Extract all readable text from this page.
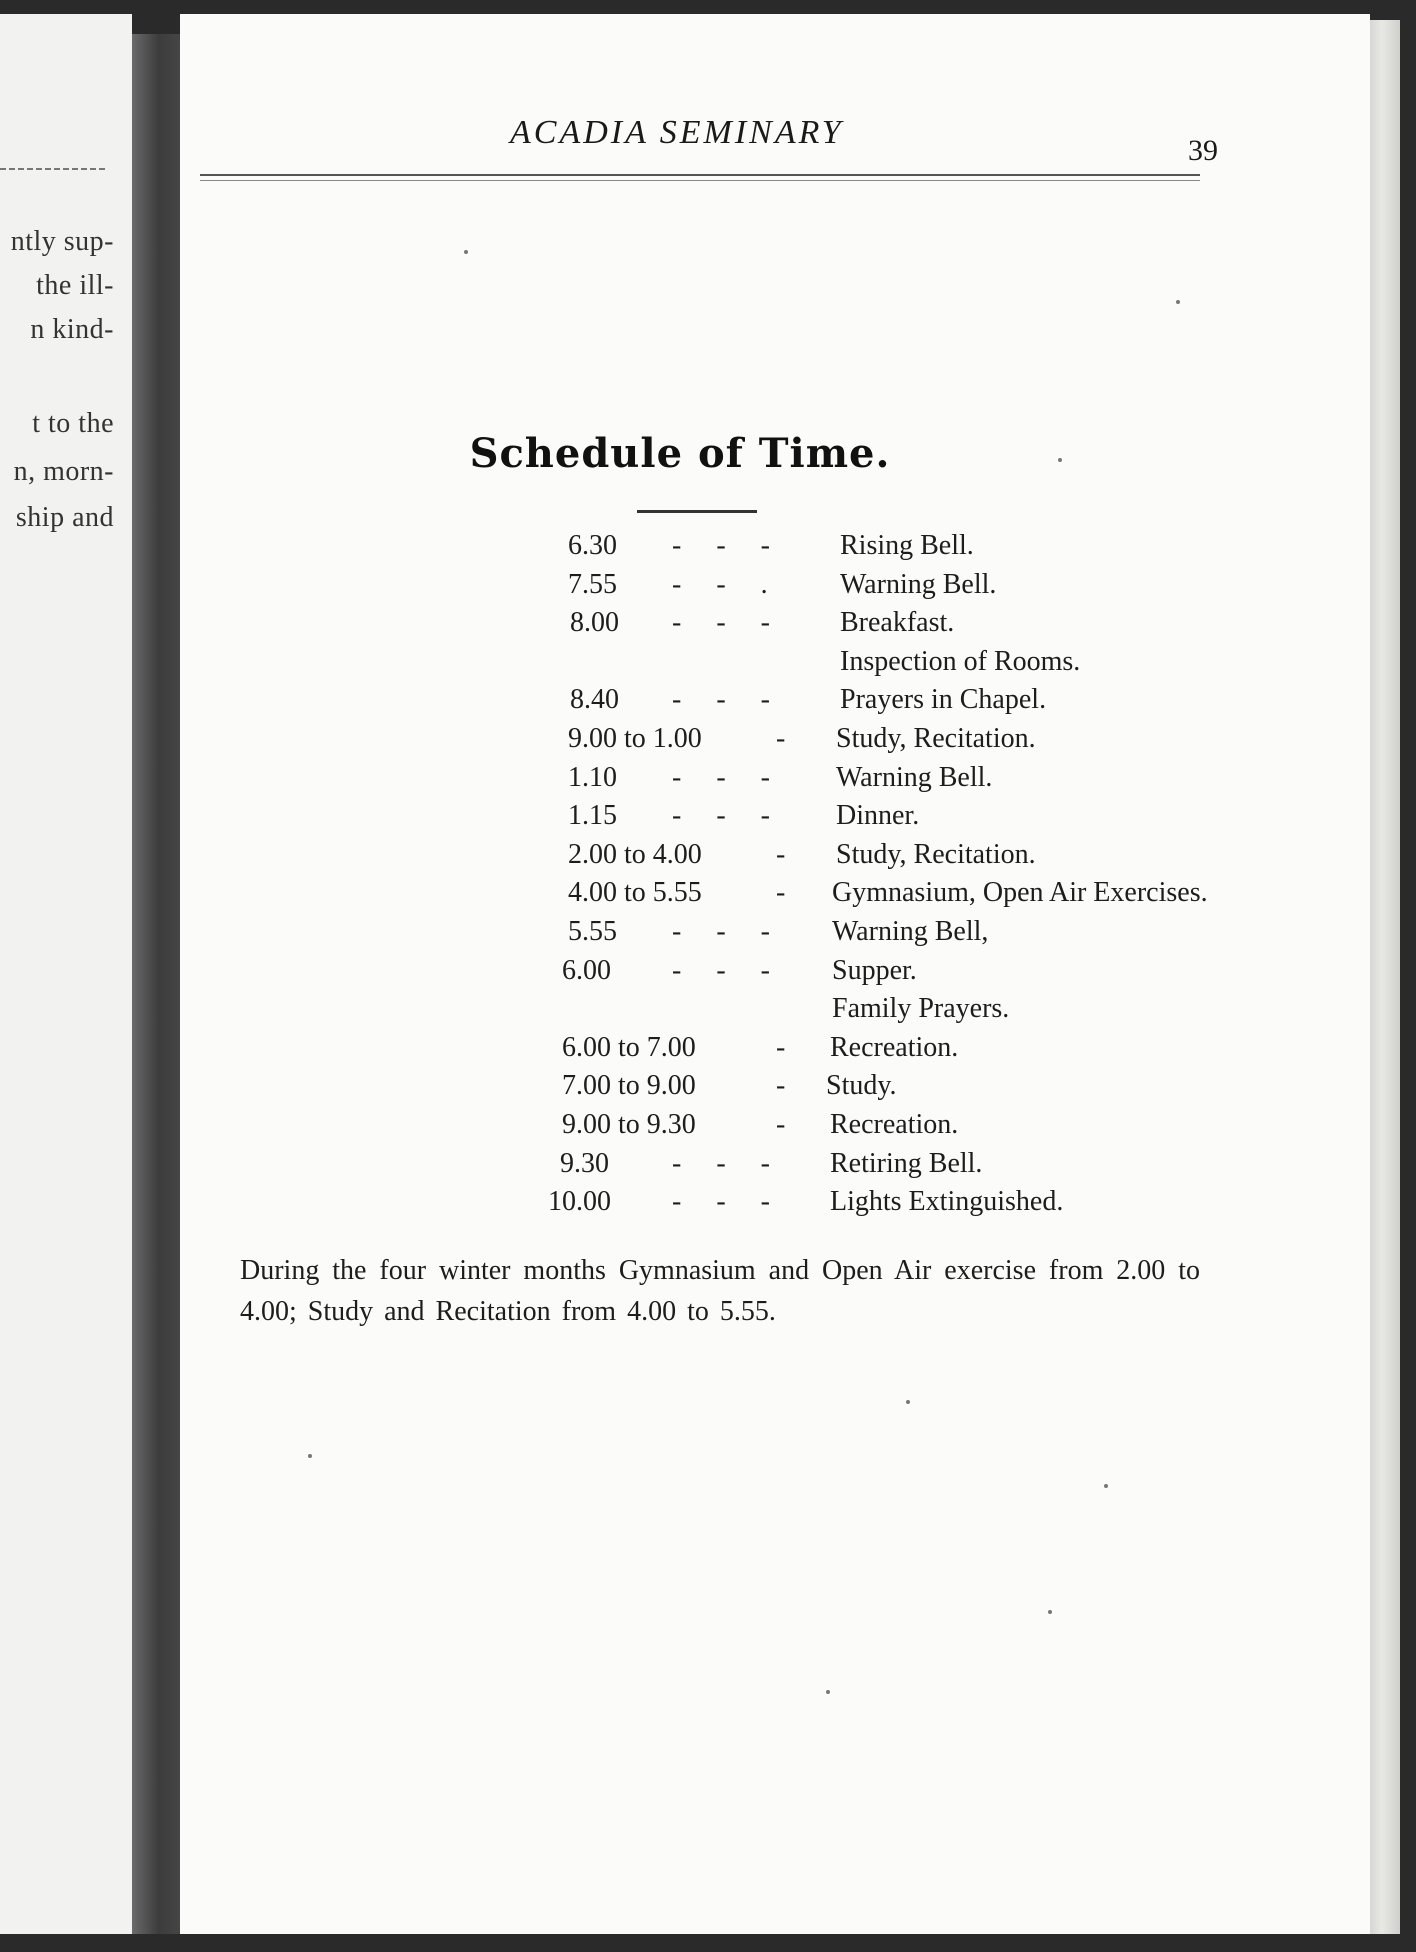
ntly sup-
the ill-
n kind-
t to the
n, morn-
ship and
ACADIA SEMINARY	39
Schedule of Time.
6.30 - - -	Rising Bell.
7.55 - - .	Warning Bell.
8.00 - - -	Breakfast.
Inspection of Rooms.
8.40 - - -	Prayers in Chapel.
9.00 to 1.00	- Study, Recitation.
1.10 - - - Warning Bell.
1.15 - - - Dinner.
2.00 to 4.00	- Study, Recitation.
4.00 to 5.55	- Gymnasium, Open Air Exercises.
5.55 - - - Warning Bell,
6.00 - - - Supper.
Family Prayers.
6.00 to 7.00	- Recreation.
7.00 to 9.00	- Study.
9.00 to 9.30	- Recreation.
9.30 - - - Retiring Bell.
10.00 - - - Lights Extinguished.
During the four winter months Gymnasium and Open Air exercise from 2.00 to 4.00; Study and Recitation from 4.00 to 5.55.
